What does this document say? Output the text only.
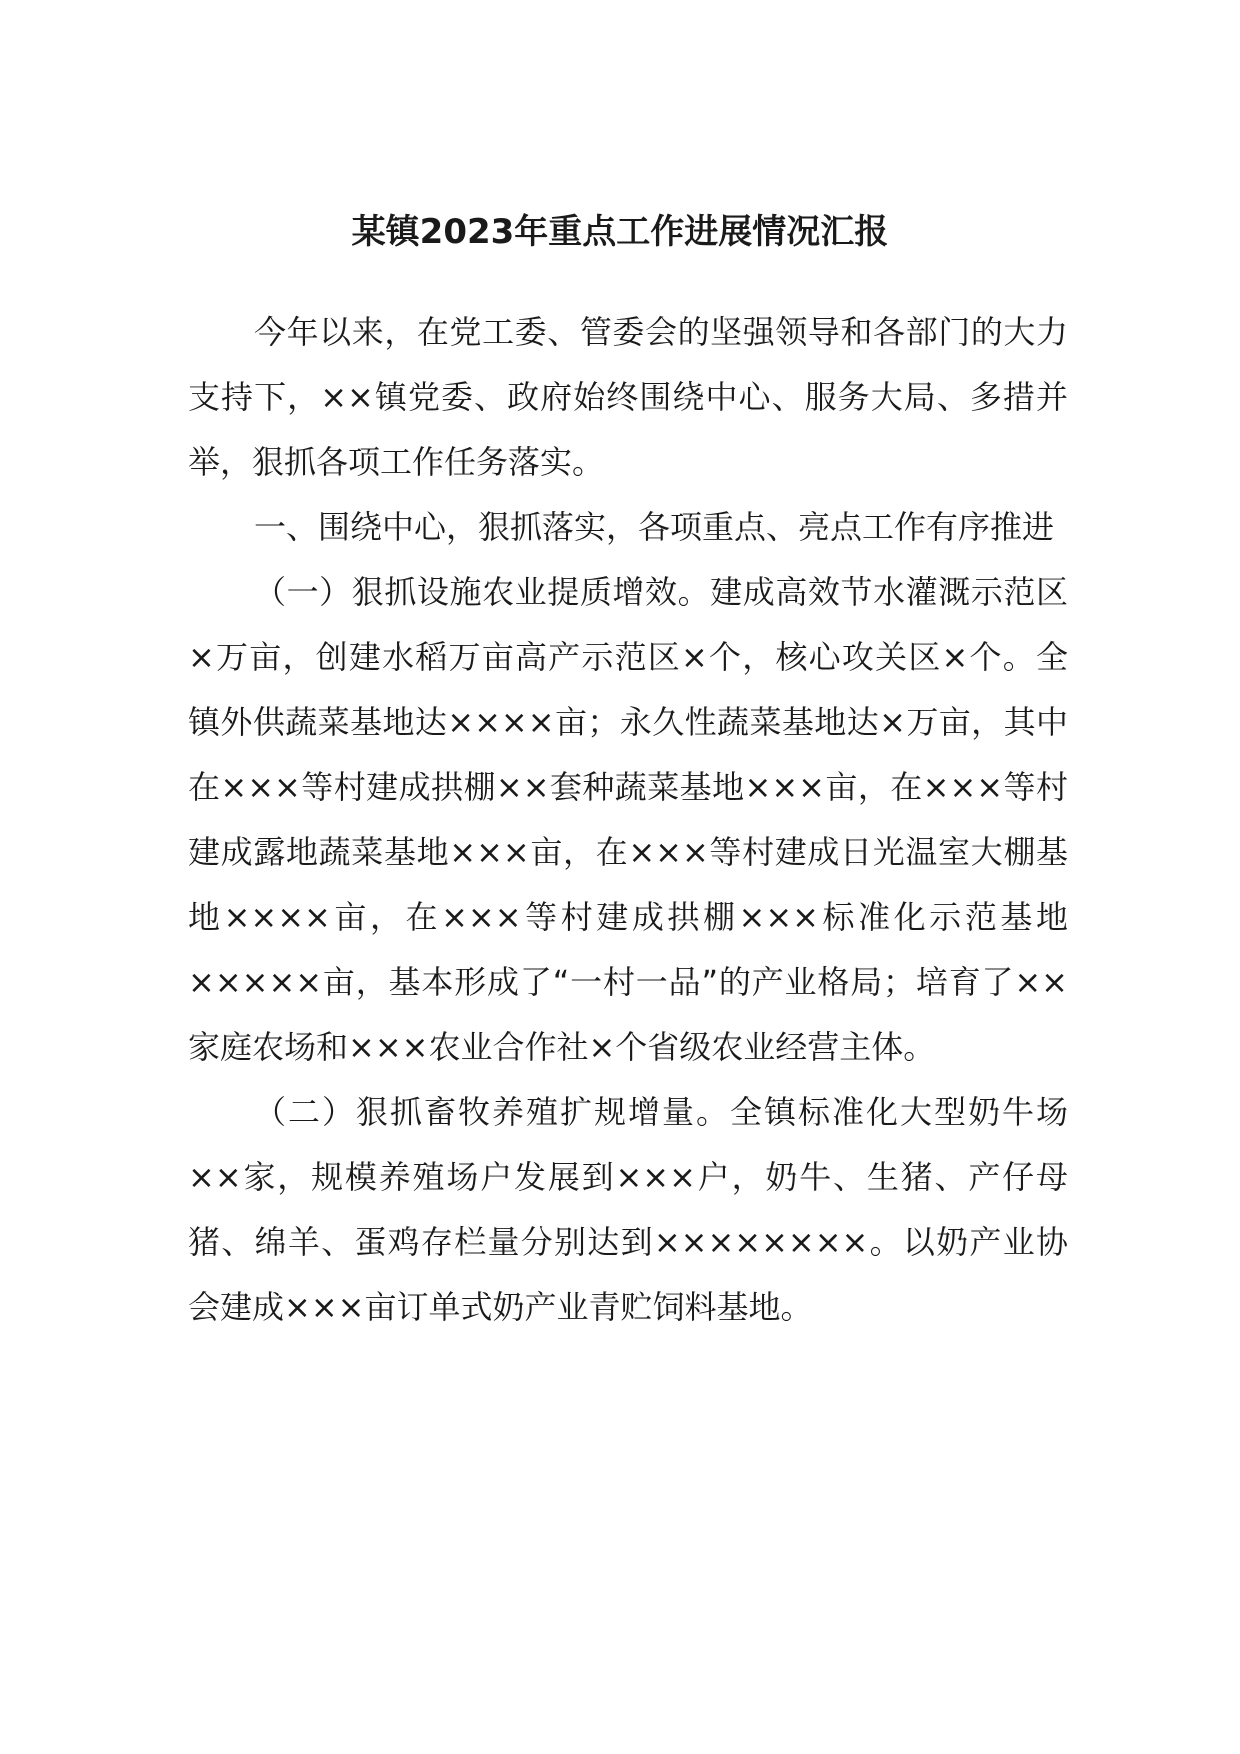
某镇2023年重点工作进展情况汇报

今年以来，在党工委、管委会的坚强领导和各部门的大力支持下，××镇党委、政府始终围绕中心、服务大局、多措并举，狠抓各项工作任务落实。

一、围绕中心，狠抓落实，各项重点、亮点工作有序推进

（一）狠抓设施农业提质增效。建成高效节水灌溉示范区×万亩，创建水稻万亩高产示范区×个，核心攻关区×个。全镇外供蔬菜基地达××××亩；永久性蔬菜基地达×万亩，其中在×××等村建成拱棚××套种蔬菜基地×××亩，在×××等村建成露地蔬菜基地×××亩，在×××等村建成日光温室大棚基地××××亩，在×××等村建成拱棚×××标准化示范基地×××××亩，基本形成了“一村一品”的产业格局；培育了××家庭农场和×××农业合作社×个省级农业经营主体。

（二）狠抓畜牧养殖扩规增量。全镇标准化大型奶牛场××家，规模养殖场户发展到×××户，奶牛、生猪、产仔母猪、绵羊、蛋鸡存栏量分别达到××××××××。以奶产业协会建成×××亩订单式奶产业青贮饲料基地。
